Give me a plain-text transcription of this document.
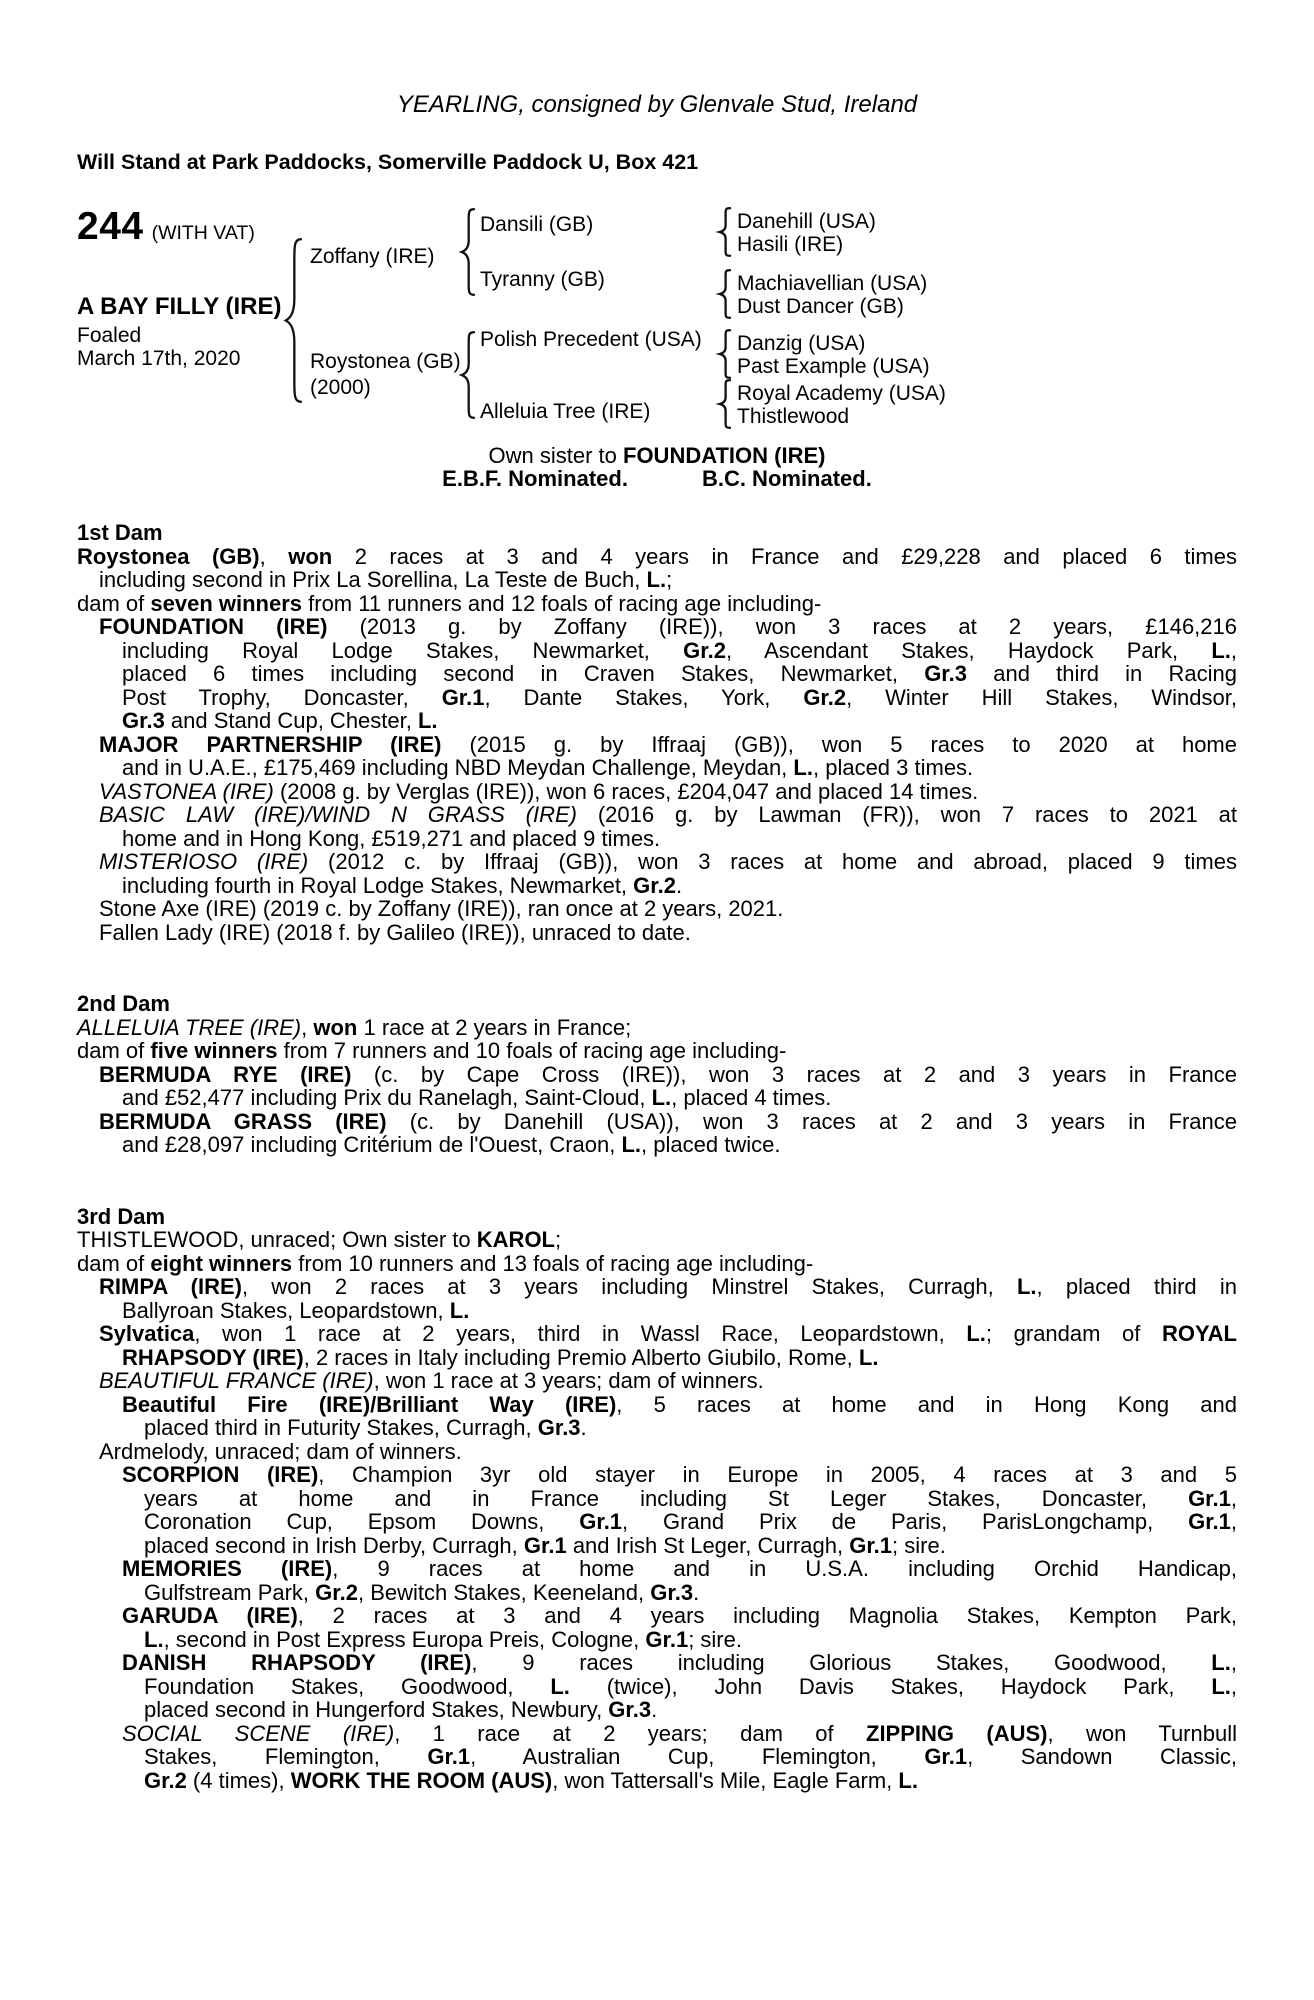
YEARLING, consigned by Glenvale Stud, Ireland
Will Stand at Park Paddocks, Somerville Paddock U, Box 421
244 (WITH VAT)
A BAY FILLY (IRE)
Foaled
March 17th, 2020
Zoffany (IRE)
Roystonea (GB)
(2000)
Dansili (GB)
Tyranny (GB)
Polish Precedent (USA)
Alleluia Tree (IRE)
Danehill (USA)
Hasili (IRE)
Machiavellian (USA)
Dust Dancer (GB)
Danzig (USA)
Past Example (USA)
Royal Academy (USA)
Thistlewood
Own sister to FOUNDATION (IRE)
E.B.F. Nominated.	B.C. Nominated.
1st Dam
Roystonea (GB), won 2 races at 3 and 4 years in France and £29,228 and placed 6 times
including second in Prix La Sorellina, La Teste de Buch, L.;
dam of seven winners from 11 runners and 12 foals of racing age including-
FOUNDATION (IRE) (2013 g. by Zoffany (IRE)), won 3 races at 2 years, £146,216
including Royal Lodge Stakes, Newmarket, Gr.2, Ascendant Stakes, Haydock Park, L.,
placed 6 times including second in Craven Stakes, Newmarket, Gr.3 and third in Racing
Post Trophy, Doncaster, Gr.1, Dante Stakes, York, Gr.2, Winter Hill Stakes, Windsor,
Gr.3 and Stand Cup, Chester, L.
MAJOR PARTNERSHIP (IRE) (2015 g. by Iffraaj (GB)), won 5 races to 2020 at home
and in U.A.E., £175,469 including NBD Meydan Challenge, Meydan, L., placed 3 times.
VASTONEA (IRE) (2008 g. by Verglas (IRE)), won 6 races, £204,047 and placed 14 times.
BASIC LAW (IRE)/WIND N GRASS (IRE) (2016 g. by Lawman (FR)), won 7 races to 2021 at
home and in Hong Kong, £519,271 and placed 9 times.
MISTERIOSO (IRE) (2012 c. by Iffraaj (GB)), won 3 races at home and abroad, placed 9 times
including fourth in Royal Lodge Stakes, Newmarket, Gr.2.
Stone Axe (IRE) (2019 c. by Zoffany (IRE)), ran once at 2 years, 2021.
Fallen Lady (IRE) (2018 f. by Galileo (IRE)), unraced to date.
2nd Dam
ALLELUIA TREE (IRE), won 1 race at 2 years in France;
dam of five winners from 7 runners and 10 foals of racing age including-
BERMUDA RYE (IRE) (c. by Cape Cross (IRE)), won 3 races at 2 and 3 years in France
and £52,477 including Prix du Ranelagh, Saint-Cloud, L., placed 4 times.
BERMUDA GRASS (IRE) (c. by Danehill (USA)), won 3 races at 2 and 3 years in France
and £28,097 including Critérium de l'Ouest, Craon, L., placed twice.
3rd Dam
THISTLEWOOD, unraced; Own sister to KAROL;
dam of eight winners from 10 runners and 13 foals of racing age including-
RIMPA (IRE), won 2 races at 3 years including Minstrel Stakes, Curragh, L., placed third in
Ballyroan Stakes, Leopardstown, L.
Sylvatica, won 1 race at 2 years, third in Wassl Race, Leopardstown, L.; grandam of ROYAL
RHAPSODY (IRE), 2 races in Italy including Premio Alberto Giubilo, Rome, L.
BEAUTIFUL FRANCE (IRE), won 1 race at 3 years; dam of winners.
Beautiful Fire (IRE)/Brilliant Way (IRE), 5 races at home and in Hong Kong and
placed third in Futurity Stakes, Curragh, Gr.3.
Ardmelody, unraced; dam of winners.
SCORPION (IRE), Champion 3yr old stayer in Europe in 2005, 4 races at 3 and 5
years at home and in France including St Leger Stakes, Doncaster, Gr.1,
Coronation Cup, Epsom Downs, Gr.1, Grand Prix de Paris, ParisLongchamp, Gr.1,
placed second in Irish Derby, Curragh, Gr.1 and Irish St Leger, Curragh, Gr.1; sire.
MEMORIES (IRE), 9 races at home and in U.S.A. including Orchid Handicap,
Gulfstream Park, Gr.2, Bewitch Stakes, Keeneland, Gr.3.
GARUDA (IRE), 2 races at 3 and 4 years including Magnolia Stakes, Kempton Park,
L., second in Post Express Europa Preis, Cologne, Gr.1; sire.
DANISH RHAPSODY (IRE), 9 races including Glorious Stakes, Goodwood, L.,
Foundation Stakes, Goodwood, L. (twice), John Davis Stakes, Haydock Park, L.,
placed second in Hungerford Stakes, Newbury, Gr.3.
SOCIAL SCENE (IRE), 1 race at 2 years; dam of ZIPPING (AUS), won Turnbull
Stakes, Flemington, Gr.1, Australian Cup, Flemington, Gr.1, Sandown Classic,
Gr.2 (4 times), WORK THE ROOM (AUS), won Tattersall's Mile, Eagle Farm, L.
